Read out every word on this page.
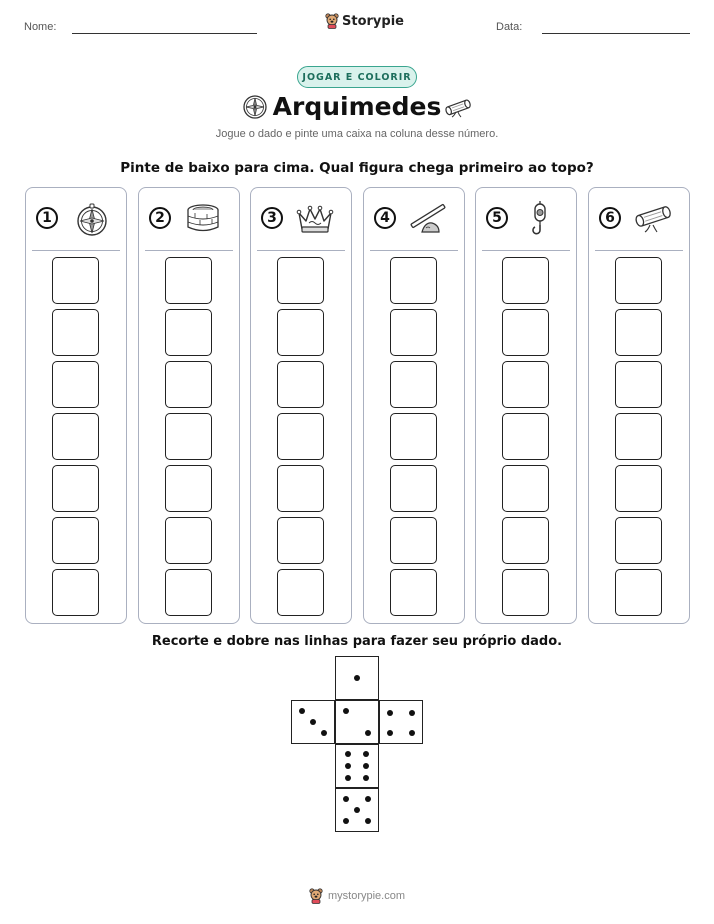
Nome:	Storypie	Data:
JOGAR E COLORIR
Arquimedes
Jogue o dado e pinte uma caixa na coluna desse número.
Pinte de baixo para cima. Qual figura chega primeiro ao topo?
1	2	3	4	5	6
Recorte e dobre nas linhas para fazer seu próprio dado.
mystorypie.com
